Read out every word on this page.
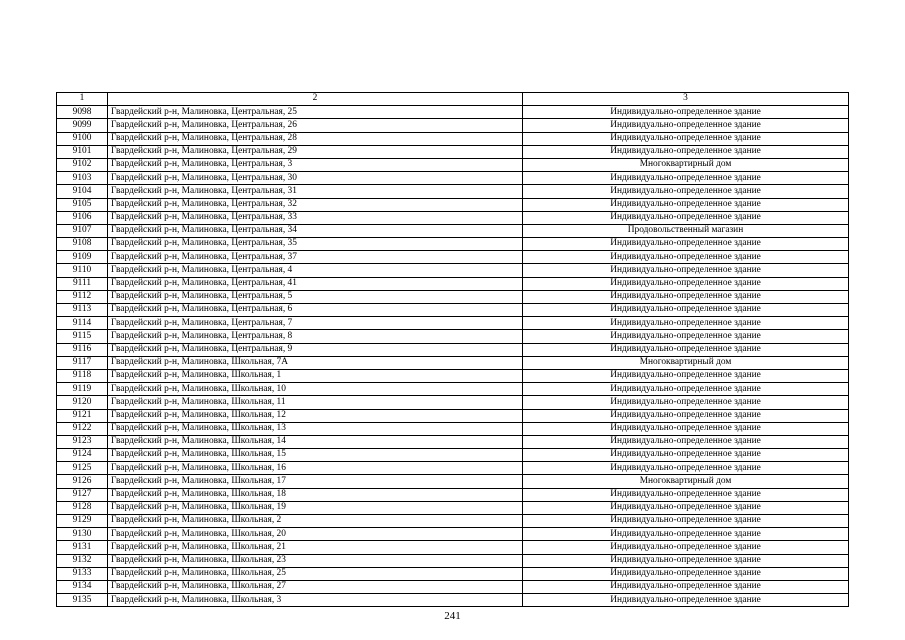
1	2	3
9098	Гвардейский р-н, Малиновка, Центральная, 25	Индивидуально-определенное здание
9099	Гвардейский р-н, Малиновка, Центральная, 26	Индивидуально-определенное здание
9100	Гвардейский р-н, Малиновка, Центральная, 28	Индивидуально-определенное здание
9101	Гвардейский р-н, Малиновка, Центральная, 29	Индивидуально-определенное здание
9102	Гвардейский р-н, Малиновка, Центральная, 3	Многоквартирный дом
9103	Гвардейский р-н, Малиновка, Центральная, 30	Индивидуально-определенное здание
9104	Гвардейский р-н, Малиновка, Центральная, 31	Индивидуально-определенное здание
9105	Гвардейский р-н, Малиновка, Центральная, 32	Индивидуально-определенное здание
9106	Гвардейский р-н, Малиновка, Центральная, 33	Индивидуально-определенное здание
9107	Гвардейский р-н, Малиновка, Центральная, 34	Продовольственный магазин
9108	Гвардейский р-н, Малиновка, Центральная, 35	Индивидуально-определенное здание
9109	Гвардейский р-н, Малиновка, Центральная, 37	Индивидуально-определенное здание
9110	Гвардейский р-н, Малиновка, Центральная, 4	Индивидуально-определенное здание
9111	Гвардейский р-н, Малиновка, Центральная, 41	Индивидуально-определенное здание
9112	Гвардейский р-н, Малиновка, Центральная, 5	Индивидуально-определенное здание
9113	Гвардейский р-н, Малиновка, Центральная, 6	Индивидуально-определенное здание
9114	Гвардейский р-н, Малиновка, Центральная, 7	Индивидуально-определенное здание
9115	Гвардейский р-н, Малиновка, Центральная, 8	Индивидуально-определенное здание
9116	Гвардейский р-н, Малиновка, Центральная, 9	Индивидуально-определенное здание
9117	Гвардейский р-н, Малиновка, Школьная, 7А	Многоквартирный дом
9118	Гвардейский р-н, Малиновка, Школьная, 1	Индивидуально-определенное здание
9119	Гвардейский р-н, Малиновка, Школьная, 10	Индивидуально-определенное здание
9120	Гвардейский р-н, Малиновка, Школьная, 11	Индивидуально-определенное здание
9121	Гвардейский р-н, Малиновка, Школьная, 12	Индивидуально-определенное здание
9122	Гвардейский р-н, Малиновка, Школьная, 13	Индивидуально-определенное здание
9123	Гвардейский р-н, Малиновка, Школьная, 14	Индивидуально-определенное здание
9124	Гвардейский р-н, Малиновка, Школьная, 15	Индивидуально-определенное здание
9125	Гвардейский р-н, Малиновка, Школьная, 16	Индивидуально-определенное здание
9126	Гвардейский р-н, Малиновка, Школьная, 17	Многоквартирный дом
9127	Гвардейский р-н, Малиновка, Школьная, 18	Индивидуально-определенное здание
9128	Гвардейский р-н, Малиновка, Школьная, 19	Индивидуально-определенное здание
9129	Гвардейский р-н, Малиновка, Школьная, 2	Индивидуально-определенное здание
9130	Гвардейский р-н, Малиновка, Школьная, 20	Индивидуально-определенное здание
9131	Гвардейский р-н, Малиновка, Школьная, 21	Индивидуально-определенное здание
9132	Гвардейский р-н, Малиновка, Школьная, 23	Индивидуально-определенное здание
9133	Гвардейский р-н, Малиновка, Школьная, 25	Индивидуально-определенное здание
9134	Гвардейский р-н, Малиновка, Школьная, 27	Индивидуально-определенное здание
9135	Гвардейский р-н, Малиновка, Школьная, 3	Индивидуально-определенное здание
241
